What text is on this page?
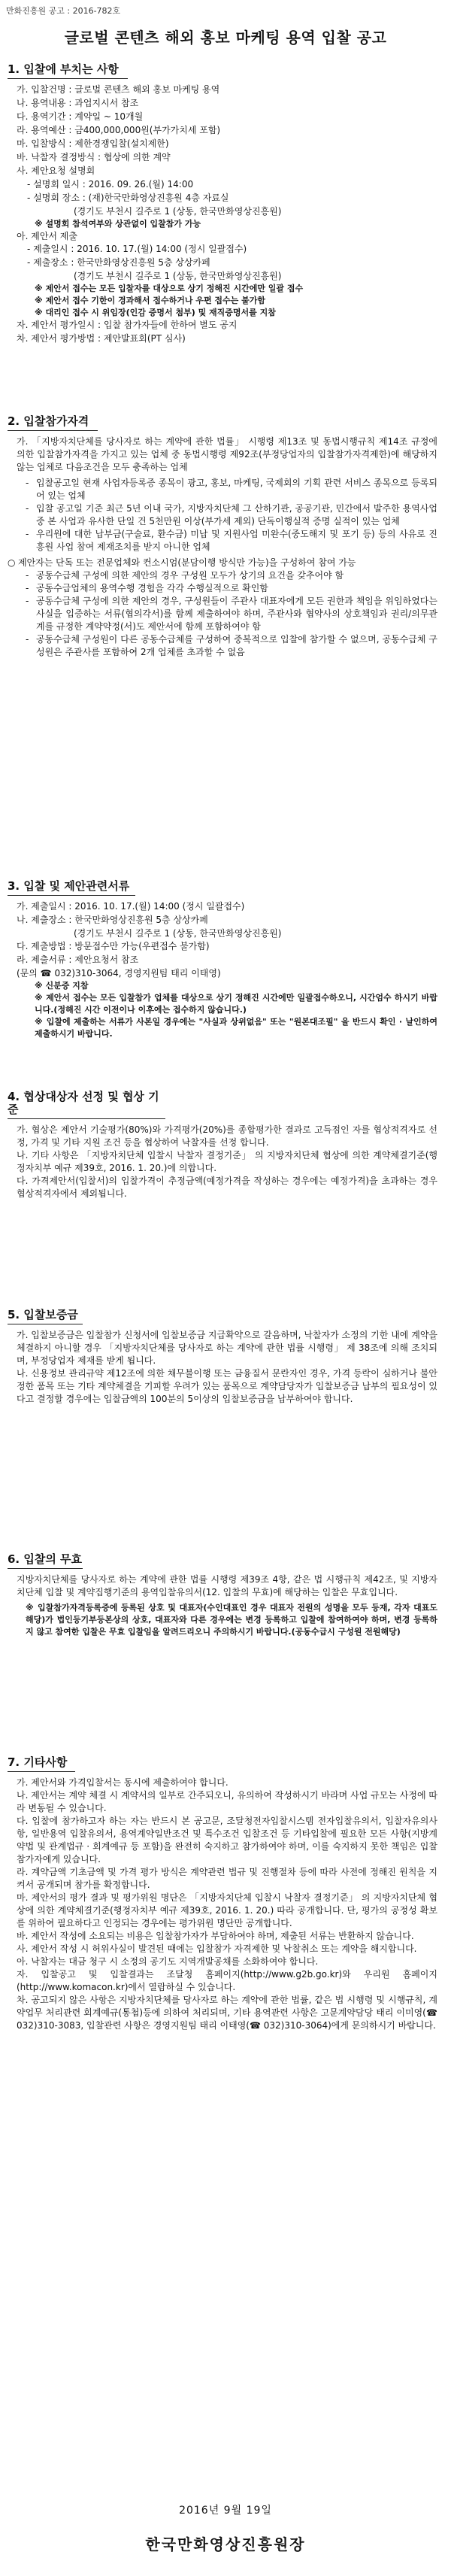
만화진흥원 공고 : 2016-782호
글로벌 콘텐츠 해외 홍보 마케팅 용역 입찰 공고
1. 입찰에 부치는 사항
가. 입찰건명 : 글로벌 콘텐츠 해외 홍보 마케팅 용역
나. 용역내용 : 과업지시서 참조
다. 용역기간 : 계약일 ~ 10개월
라. 용역예산 : 금400,000,000원(부가가치세 포함)
마. 입찰방식 : 제한경쟁입찰(설치제한)
바. 낙찰자 결정방식 : 협상에 의한 계약
사. 제안요청 설명회
- 설명회 일시 : 2016. 09. 26.(월) 14:00
- 설명회 장소 : (재)한국만화영상진흥원 4층 자료실
(경기도 부천시 길주로 1 (상동, 한국만화영상진흥원)
※ 설명회 참석여부와 상관없이 입찰참가 가능
아. 제안서 제출
- 제출일시 : 2016. 10. 17.(월) 14:00 (정시 일괄접수)
- 제출장소 : 한국만화영상진흥원 5층 상상카페
(경기도 부천시 길주로 1 (상동, 한국만화영상진흥원)
※ 제안서 접수는 모든 입찰자를 대상으로 상기 정해진 시간에만 일괄 접수
※ 제안서 접수 기한이 경과해서 접수하거나 우편 접수는 불가함
※ 대리인 접수 시 위임장(인감 증명서 첨부) 및 재직증명서를 지참
자. 제안서 평가일시 : 입찰 참가자들에 한하여 별도 공지
차. 제안서 평가방법 : 제안발표회(PT 심사)
2. 입찰참가자격
가. 「지방자치단체를 당사자로 하는 계약에 관한 법률」 시행령 제13조 및 동법시행규칙 제14조 규정에 의한 입찰참가자격을 가지고 있는 업체 중 동법시행령 제92조(부정당업자의 입찰참가자격제한)에 해당하지 않는 업체로 다음조건을 모두 충족하는 업체
- 입찰공고일 현재 사업자등록증 종목이 광고, 홍보, 마케팅, 국제회의 기획 관련 서비스 종목으로 등록되어 있는 업체
- 입찰 공고일 기준 최근 5년 이내 국가, 지방자치단체 그 산하기관, 공공기관, 민간에서 발주한 용역사업 중 본 사업과 유사한 단일 건 5천만원 이상(부가세 제외) 단독이행실적 증명 실적이 있는 업체
- 우리원에 대한 납부금(구술료, 환수금) 미납 및 지원사업 미완수(중도해지 및 포기 등) 등의 사유로 진흥원 사업 참여 제재조치를 받지 아니한 업체
○ 제안자는 단독 또는 전문업체와 컨소시엄(분담이행 방식만 가능)을 구성하여 참여 가능
- 공동수급체 구성에 의한 제안의 경우 구성원 모두가 상기의 요건을 갖추어야 함
- 공동수급업체의 용역수행 경험을 각각 수행실적으로 확인함
- 공동수급체 구성에 의한 제안의 경우, 구성원들이 주관사 대표자에게 모든 권한과 책임을 위임하였다는 사실을 입증하는 서류(협의각서)를 함께 제출하여야 하며, 주관사와 협약사의 상호책임과 권리/의무관계를 규정한 계약약정(서)도 제안서에 함께 포함하여야 함
- 공동수급체 구성원이 다른 공동수급체를 구성하여 중복적으로 입찰에 참가할 수 없으며, 공동수급체 구성원은 주관사를 포함하여 2개 업체를 초과할 수 없음
3. 입찰 및 제안관련서류
가. 제출일시 : 2016. 10. 17.(월) 14:00 (정시 일괄접수)
나. 제출장소 : 한국만화영상진흥원 5층 상상카페
(경기도 부천시 길주로 1 (상동, 한국만화영상진흥원)
다. 제출방법 : 방문접수만 가능(우편접수 불가함)
라. 제출서류 : 제안요청서 참조
(문의 ☎ 032)310-3064, 경영지원팀 태리 이태영)
※ 신분증 지참
※ 제안서 접수는 모든 입찰참가 업체를 대상으로 상기 정해진 시간에만 일괄접수하오니, 시간엄수 하시기 바랍니다.(정해진 시간 이전이나 이후에는 접수하지 않습니다.)
※ 입찰에 제출하는 서류가 사본일 경우에는 "사실과 상위없음" 또는 "원본대조필" 을 반드시 확인 · 날인하여 제출하시기 바랍니다.
4. 협상대상자 선정 및 협상 기준
가. 협상은 제안서 기술평가(80%)와 가격평가(20%)를 종합평가한 결과로 고득점인 자를 협상적격자로 선정, 가격 및 기타 지원 조건 등을 협상하여 낙찰자를 선정 합니다.
나. 기타 사항은 「지방자치단체 입찰시 낙찰자 결정기준」 의 지방자치단체 협상에 의한 계약체결기준(행정자치부 예규 제39호, 2016. 1. 20.)에 의합니다.
다. 가격제안서(입찰서)의 입찰가격이 추정금액(예정가격을 작성하는 경우에는 예정가격)을 초과하는 경우 협상적격자에서 제외됩니다.
5. 입찰보증금
가. 입찰보증금은 입찰참가 신청서에 입찰보증금 지급확약으로 갈음하며, 낙찰자가 소정의 기한 내에 계약을 체결하지 아니할 경우 「지방자치단체를 당사자로 하는 계약에 관한 법률 시행령」 제 38조에 의해 조치되며, 부정당업자 제재를 받게 됩니다.
나. 신용정보 관리규약 제12조에 의한 채무불이행 또는 금융질서 문란자인 경우, 가격 등락이 심하거나 불안정한 품목 또는 기타 계약체결을 기피할 우려가 있는 품목으로 계약담당자가 입찰보증금 납부의 필요성이 있다고 결정할 경우에는 입찰금액의 100분의 5이상의 입찰보증금을 납부하여야 합니다.
6. 입찰의 무효
지방자치단체를 당사자로 하는 계약에 관한 법률 시행령 제39조 4항, 같은 법 시행규칙 제42조, 및 지방자치단체 입찰 및 계약집행기준의 용역입찰유의서(12. 입찰의 무효)에 해당하는 입찰은 무효입니다.
※ 입찰참가자격등록증에 등록된 상호 및 대표자(수인대표인 경우 대표자 전원의 성명을 모두 등재, 각자 대표도 해당)가 법인등기부등본상의 상호, 대표자와 다른 경우에는 변경 등록하고 입찰에 참여하여야 하며, 변경 등록하지 않고 참여한 입찰은 무효 입찰임을 알려드리오니 주의하시기 바랍니다.(공동수급시 구성원 전원해당)
7. 기타사항
가. 제안서와 가격입찰서는 동시에 제출하여야 합니다.
나. 제안서는 계약 체결 시 계약서의 일부로 간주되오니, 유의하여 작성하시기 바라며 사업 규모는 사정에 따라 변동될 수 있습니다.
다. 입찰에 참가하고자 하는 자는 반드시 본 공고문, 조달청전자입찰시스템 전자입찰유의서, 입찰자유의사항, 일반용역 입찰유의서, 용역계약일반조건 및 특수조건 입찰조건 등 기타입찰에 필요한 모든 사항(지방계약법 및 관계법규 · 회계예규 등 포함)을 완전히 숙지하고 참가하여야 하며, 이를 숙지하지 못한 책임은 입찰참가자에게 있습니다.
라. 계약금액 기초금액 및 가격 평가 방식은 계약관련 법규 및 진행절차 등에 따라 사전에 정해진 원칙을 지켜서 공개되며 참가를 확정합니다.
마. 제안서의 평가 결과 및 평가위원 명단은 「지방자치단체 입찰시 낙찰자 결정기준」 의 지방자치단체 협상에 의한 계약체결기준(행정자치부 예규 제39호, 2016. 1. 20.) 따라 공개합니다. 단, 평가의 공정성 확보를 위하여 필요하다고 인정되는 경우에는 평가위원 명단만 공개합니다.
바. 제안서 작성에 소요되는 비용은 입찰참가자가 부담하여야 하며, 제출된 서류는 반환하지 않습니다.
사. 제안서 작성 시 허위사실이 발견된 때에는 입찰참가 자격제한 및 낙찰취소 또는 계약을 해지합니다.
아. 낙찰자는 대금 청구 시 소정의 공기도 지역개발공채를 소화하여야 합니다.
자. 입찰공고 및 입찰결과는 조달청 홈페이지(http://www.g2b.go.kr)와 우리원 홈페이지(http://www.komacon.kr)에서 열람하실 수 있습니다.
차. 공고되지 않은 사항은 지방자치단체를 당사자로 하는 계약에 관한 법률, 같은 법 시행령 및 시행규칙, 계약업무 처리관련 회계예규(통첩)등에 의하여 처리되며, 기타 용역관련 사항은 고문계약담당 태리 이미영(☎ 032)310-3083, 입찰관련 사항은 경영지원팀 태리 이태영(☎ 032)310-3064)에게 문의하시기 바랍니다.
2016년 9월 19일
한국만화영상진흥원장
